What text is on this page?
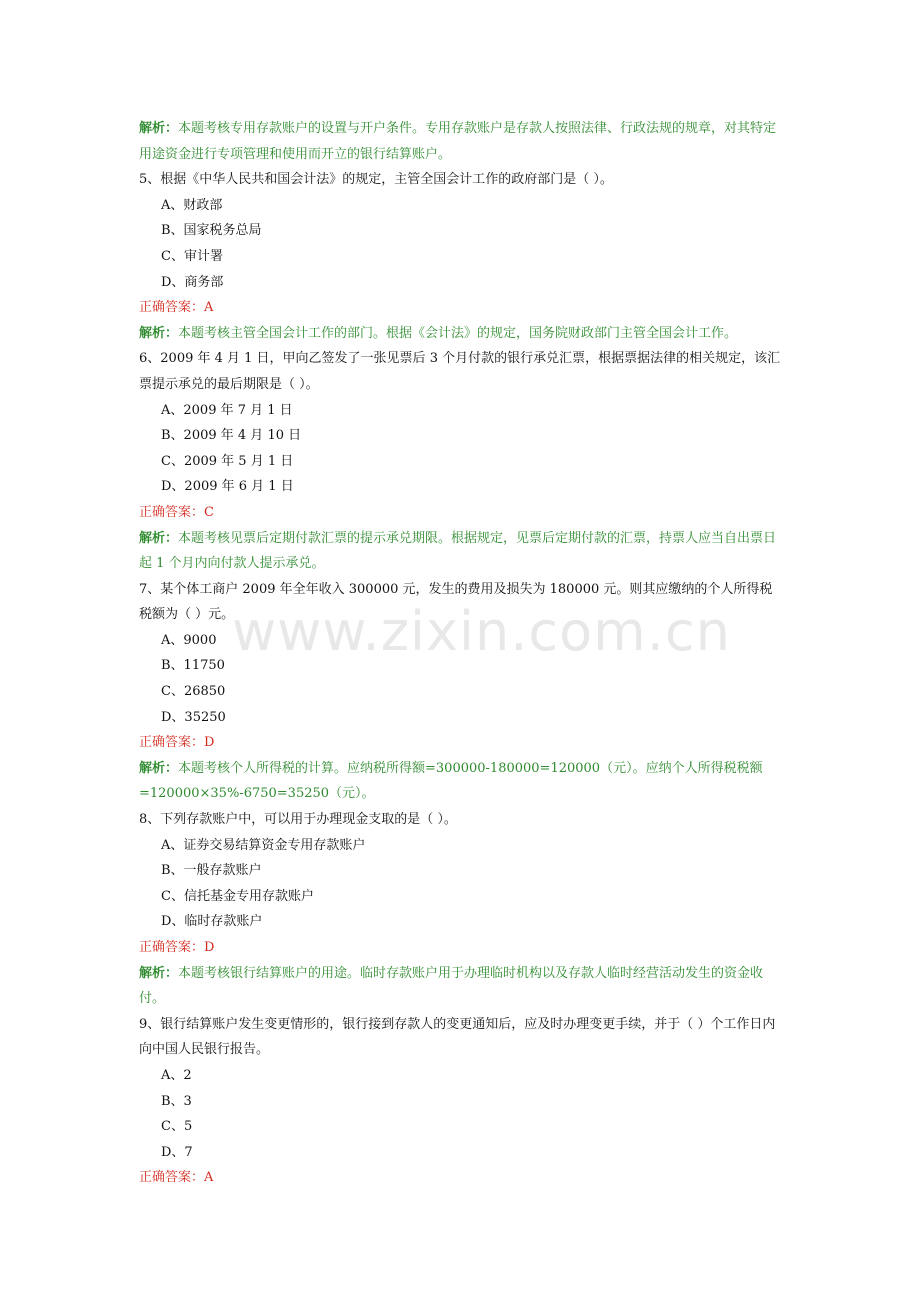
www.zixin.com.cn
解析：本题考核专用存款账户的设置与开户条件。专用存款账户是存款人按照法律、行政法规的规章，对其特定用途资金进行专项管理和使用而开立的银行结算账户。
5、根据《中华人民共和国会计法》的规定，主管全国会计工作的政府部门是（ ）。
A、财政部
B、国家税务总局
C、审计署
D、商务部
正确答案：A
解析：本题考核主管全国会计工作的部门。根据《会计法》的规定，国务院财政部门主管全国会计工作。
6、2009 年 4 月 1 日，甲向乙签发了一张见票后 3 个月付款的银行承兑汇票，根据票据法律的相关规定，该汇票提示承兑的最后期限是（ ）。
A、2009 年 7 月 1 日
B、2009 年 4 月 10 日
C、2009 年 5 月 1 日
D、2009 年 6 月 1 日
正确答案：C
解析：本题考核见票后定期付款汇票的提示承兑期限。根据规定，见票后定期付款的汇票，持票人应当自出票日起 1 个月内向付款人提示承兑。
7、某个体工商户 2009 年全年收入 300000 元，发生的费用及损失为 180000 元。则其应缴纳的个人所得税税额为（ ）元。
A、9000
B、11750
C、26850
D、35250
正确答案：D
解析：本题考核个人所得税的计算。应纳税所得额=300000-180000=120000（元）。应纳个人所得税税额=120000×35%-6750=35250（元）。
8、下列存款账户中，可以用于办理现金支取的是（ ）。
A、证券交易结算资金专用存款账户
B、一般存款账户
C、信托基金专用存款账户
D、临时存款账户
正确答案：D
解析：本题考核银行结算账户的用途。临时存款账户用于办理临时机构以及存款人临时经营活动发生的资金收付。
9、银行结算账户发生变更情形的，银行接到存款人的变更通知后，应及时办理变更手续，并于（ ）个工作日内向中国人民银行报告。
A、2
B、3
C、5
D、7
正确答案：A
